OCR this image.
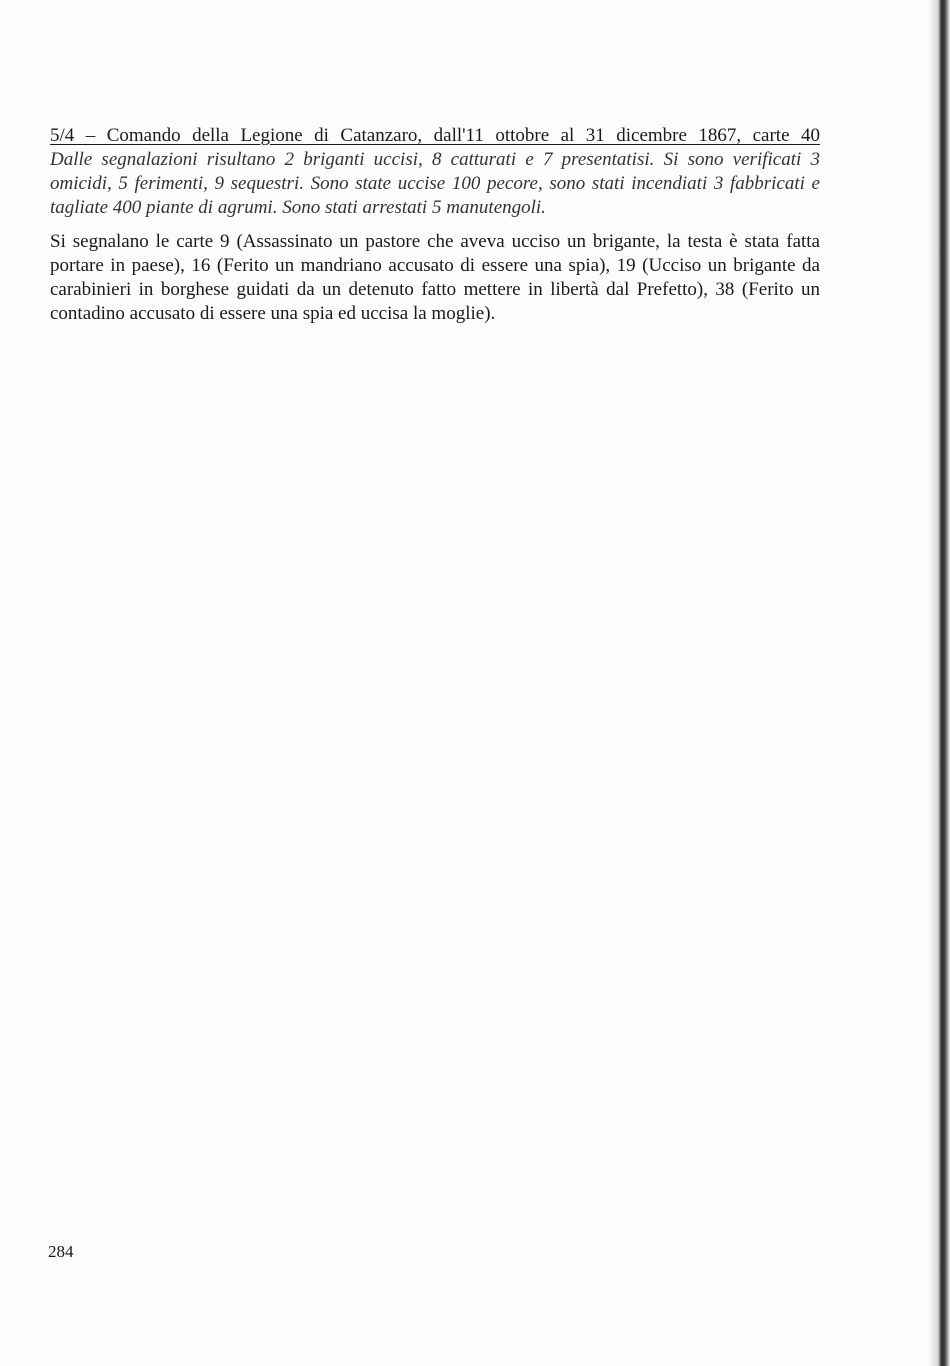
5/4 – Comando della Legione di Catanzaro, dall'11 ottobre al 31 dicembre 1867, carte 40

Dalle segnalazioni risultano 2 briganti uccisi, 8 catturati e 7 presentatisi. Si sono verificati 3 omicidi, 5 ferimenti, 9 sequestri. Sono state uccise 100 pecore, sono stati incendiati 3 fabbricati e tagliate 400 piante di agrumi. Sono stati arrestati 5 manutengoli.

Si segnalano le carte 9 (Assassinato un pastore che aveva ucciso un brigante, la testa è stata fatta portare in paese), 16 (Ferito un mandriano accusato di essere una spia), 19 (Ucciso un brigante da carabinieri in borghese guidati da un detenuto fatto mettere in libertà dal Prefetto), 38 (Ferito un contadino accusato di essere una spia ed uccisa la moglie).

284
